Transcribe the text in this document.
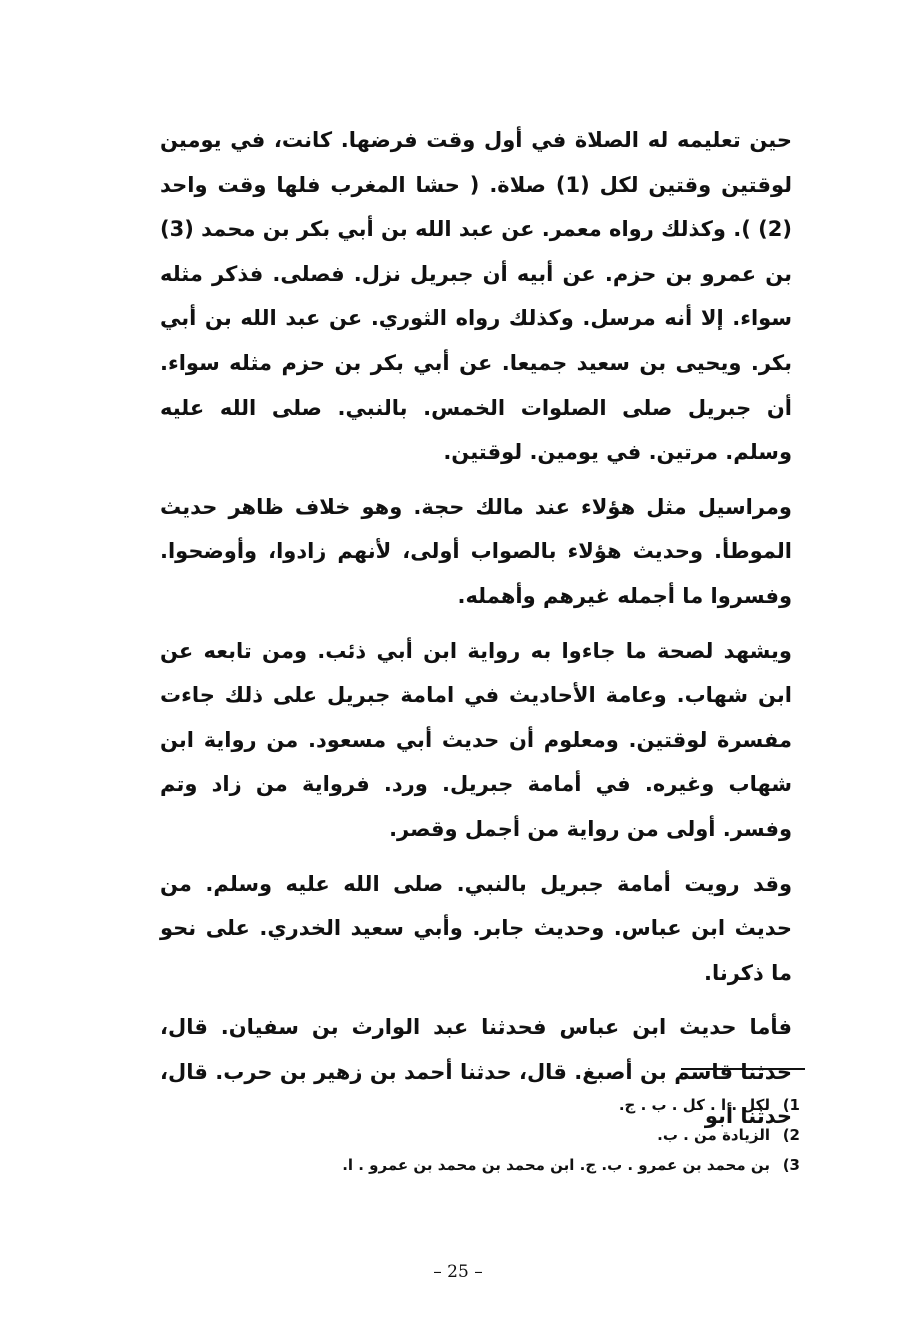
حين تعليمه له الصلاة في أول وقت فرضها. كانت، في يومين لوقتين وقتين لكل (1) صلاة. ( حشا المغرب فلها وقت واحد (2) ). وكذلك رواه معمر. عن عبد الله بن أبي بكر بن محمد (3) بن عمرو بن حزم. عن أبيه أن جبريل نزل. فصلى. فذكر مثله سواء. إلا أنه مرسل. وكذلك رواه الثوري. عن عبد الله بن أبي بكر. ويحيى بن سعيد جميعا. عن أبي بكر بن حزم مثله سواء. أن جبريل صلى الصلوات الخمس. بالنبي. صلى الله عليه وسلم. مرتين. في يومين. لوقتين.

ومراسيل مثل هؤلاء عند مالك حجة. وهو خلاف ظاهر حديث الموطأ. وحديث هؤلاء بالصواب أولى، لأنهم زادوا، وأوضحوا. وفسروا ما أجمله غيرهم وأهمله.

ويشهد لصحة ما جاءوا به رواية ابن أبي ذئب. ومن تابعه عن ابن شهاب. وعامة الأحاديث في امامة جبريل على ذلك جاءت مفسرة لوقتين. ومعلوم أن حديث أبي مسعود. من رواية ابن شهاب وغيره. في أمامة جبريل. ورد. فرواية من زاد وتم وفسر. أولى من رواية من أجمل وقصر.

وقد رويت أمامة جبريل بالنبي. صلى الله عليه وسلم. من حديث ابن عباس. وحديث جابر. وأبي سعيد الخدري. على نحو ما ذكرنا.

فأما حديث ابن عباس فحدثنا عبد الوارث بن سفيان. قال، حدثنا قاسم بن أصبغ. قال، حدثنا أحمد بن زهير بن حرب. قال، حدثنا أبو

(1
لكل . ا . كل . ب . ج.
(2
الزيادة من . ب.
(3
بن محمد بن عمرو . ب. ج. ابن محمد بن محمد بن عمرو . ا.
– 25 –
